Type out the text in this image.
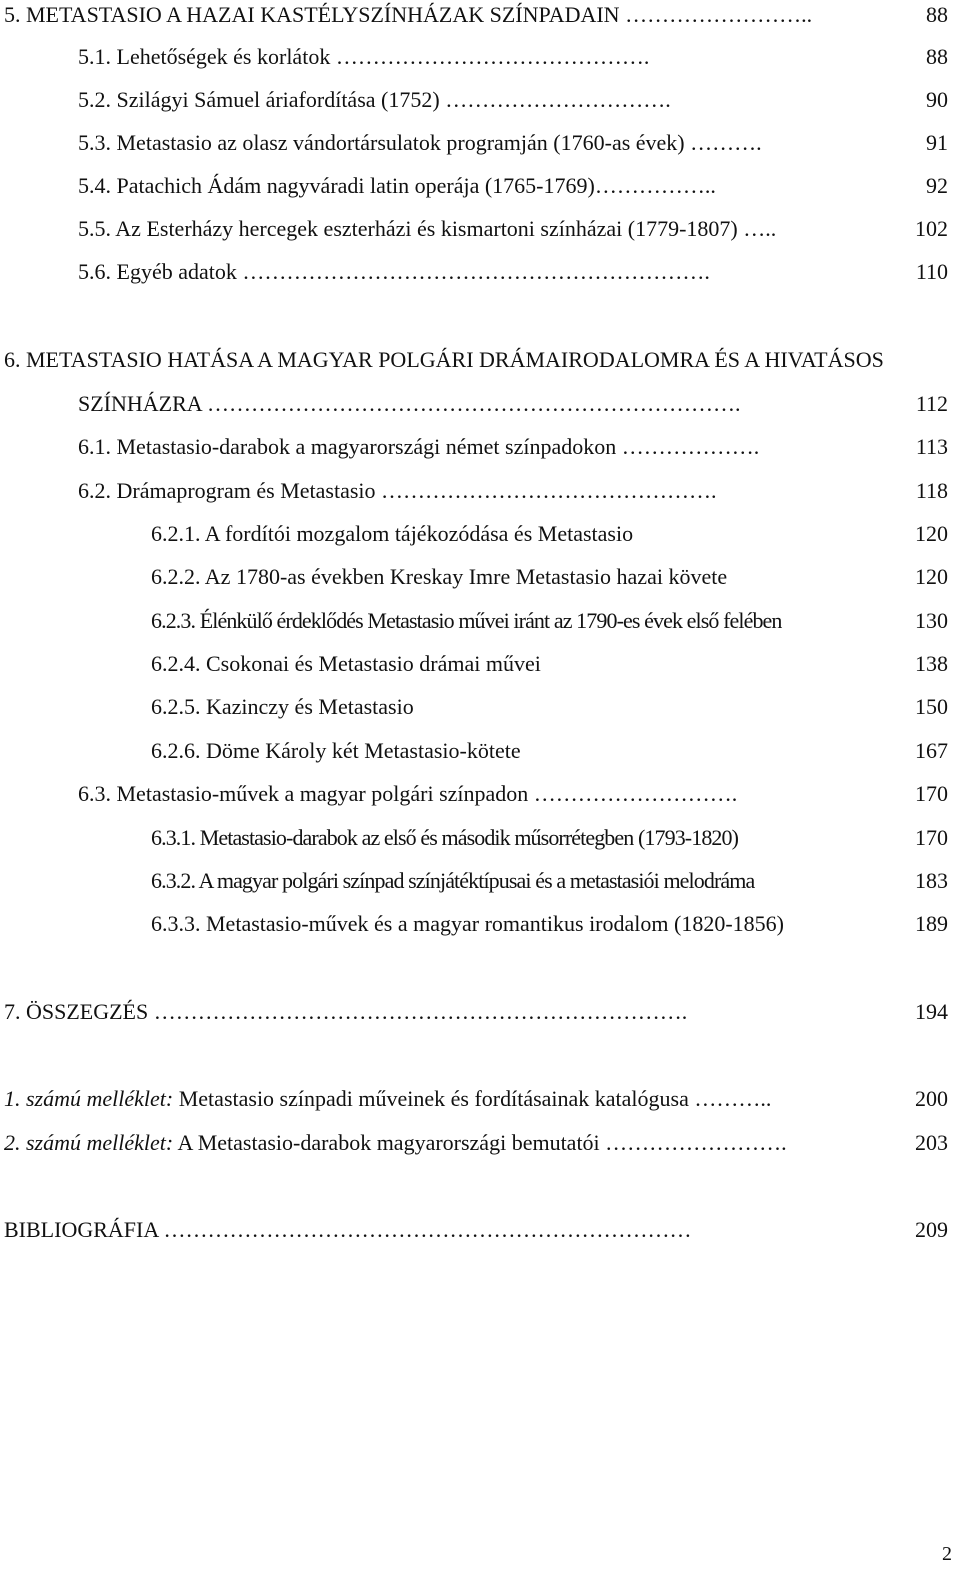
5. METASTASIO A HAZAI KASTÉLYSZÍNHÁZAK SZÍNPADAIN ……………………..	88
5.1. Lehetőségek és korlátok …………………………………….	88
5.2. Szilágyi Sámuel áriafordítása (1752) ………………………….	90
5.3. Metastasio az olasz vándortársulatok programján (1760-as évek) ……….	91
5.4. Patachich Ádám nagyváradi latin operája (1765-1769)……………..	92
5.5. Az Esterházy hercegek eszterházi és kismartoni színházai (1779-1807) …..	102
5.6. Egyéb adatok ……………………………………………………….	110
6. METASTASIO HATÁSA A MAGYAR POLGÁRI DRÁMAIRODALOMRA ÉS A HIVATÁSOS
SZÍNHÁZRA ……………………………………………………………….	112
6.1. Metastasio-darabok a magyarországi német színpadokon ……………….	113
6.2. Drámaprogram és Metastasio ……………………………………….	118
6.2.1. A fordítói mozgalom tájékozódása és Metastasio	120
6.2.2. Az 1780-as években Kreskay Imre Metastasio hazai követe	120
6.2.3. Élénkülő érdeklődés Metastasio művei iránt az 1790-es évek első felében	130
6.2.4. Csokonai és Metastasio drámai művei	138
6.2.5. Kazinczy és Metastasio	150
6.2.6. Döme Károly két Metastasio-kötete	167
6.3. Metastasio-művek a magyar polgári színpadon ……………………….	170
6.3.1. Metastasio-darabok az első és második műsorrétegben (1793-1820)	170
6.3.2. A magyar polgári színpad színjátéktípusai és a metastasiói melodráma	183
6.3.3. Metastasio-művek és a magyar romantikus irodalom (1820-1856)	189
7. ÖSSZEGZÉS ……………………………………………………………….	194
1. számú melléklet: Metastasio színpadi műveinek és fordításainak katalógusa ………..	200
2. számú melléklet: A Metastasio-darabok magyarországi bemutatói …………………….	203
BIBLIOGRÁFIA ………………………………………………………………	209
2
